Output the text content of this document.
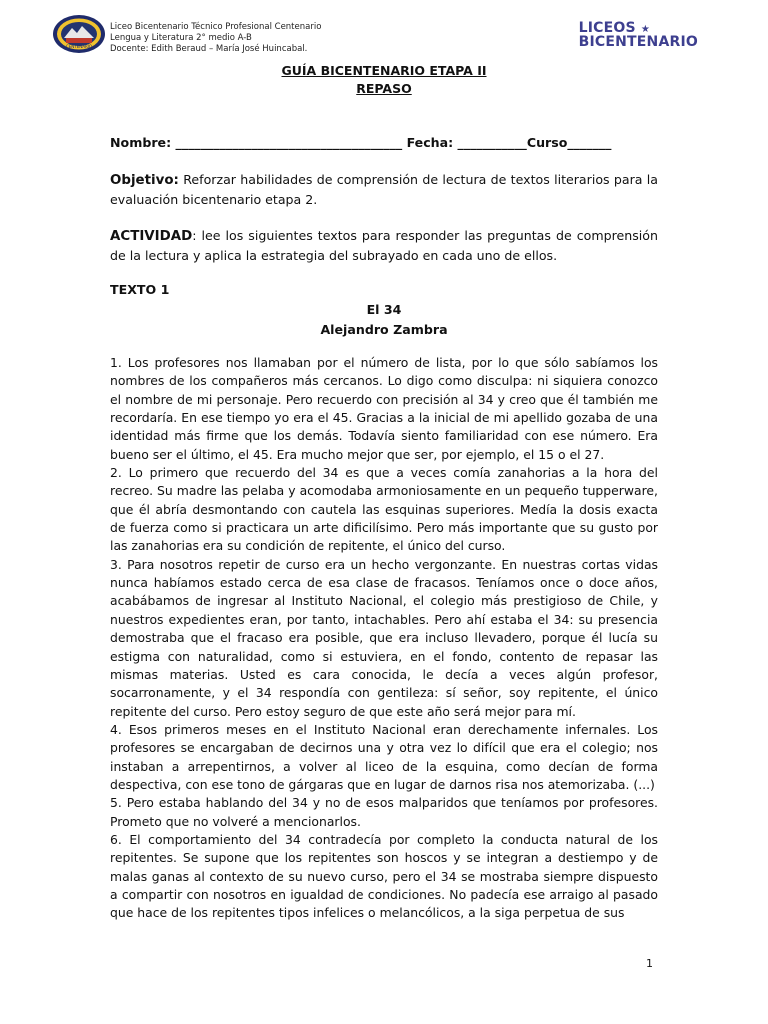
CENTENARIO
Liceo Bicentenario Técnico Profesional Centenario
Lengua y Literatura 2° medio A-B
Docente: Edith Beraud – María José Huincabal.
LICEOS ★
BICENTENARIO
GUÍA BICENTENARIO ETAPA II
REPASO
Nombre: ____________________________________ Fecha: ___________Curso_______

Objetivo: Reforzar habilidades de comprensión de lectura de textos literarios para la evaluación bicentenario etapa 2.

ACTIVIDAD: lee los siguientes textos para responder las preguntas de comprensión de la lectura y aplica la estrategia del subrayado en cada uno de ellos.

TEXTO 1
El 34
Alejandro Zambra

1. Los profesores nos llamaban por el número de lista, por lo que sólo sabíamos los nombres de los compañeros más cercanos. Lo digo como disculpa: ni siquiera conozco el nombre de mi personaje. Pero recuerdo con precisión al 34 y creo que él también me recordaría. En ese tiempo yo era el 45. Gracias a la inicial de mi apellido gozaba de una identidad más firme que los demás. Todavía siento familiaridad con ese número. Era bueno ser el último, el 45. Era mucho mejor que ser, por ejemplo, el 15 o el 27.

2. Lo primero que recuerdo del 34 es que a veces comía zanahorias a la hora del recreo. Su madre las pelaba y acomodaba armoniosamente en un pequeño tupperware, que él abría desmontando con cautela las esquinas superiores. Medía la dosis exacta de fuerza como si practicara un arte dificilísimo. Pero más importante que su gusto por las zanahorias era su condición de repitente, el único del curso.

3. Para nosotros repetir de curso era un hecho vergonzante. En nuestras cortas vidas nunca habíamos estado cerca de esa clase de fracasos. Teníamos once o doce años, acabábamos de ingresar al Instituto Nacional, el colegio más prestigioso de Chile, y nuestros expedientes eran, por tanto, intachables. Pero ahí estaba el 34: su presencia demostraba que el fracaso era posible, que era incluso llevadero, porque él lucía su estigma con naturalidad, como si estuviera, en el fondo, contento de repasar las mismas materias. Usted es cara conocida, le decía a veces algún profesor, socarronamente, y el 34 respondía con gentileza: sí señor, soy repitente, el único repitente del curso. Pero estoy seguro de que este año será mejor para mí.

4. Esos primeros meses en el Instituto Nacional eran derechamente infernales. Los profesores se encargaban de decirnos una y otra vez lo difícil que era el colegio; nos instaban a arrepentirnos, a volver al liceo de la esquina, como decían de forma despectiva, con ese tono de gárgaras que en lugar de darnos risa nos atemorizaba. (...)

5. Pero estaba hablando del 34 y no de esos malparidos que teníamos por profesores. Prometo que no volveré a mencionarlos.

6. El comportamiento del 34 contradecía por completo la conducta natural de los repitentes. Se supone que los repitentes son hoscos y se integran a destiempo y de malas ganas al contexto de su nuevo curso, pero el 34 se mostraba siempre dispuesto a compartir con nosotros en igualdad de condiciones. No padecía ese arraigo al pasado que hace de los repitentes tipos infelices o melancólicos, a la siga perpetua de sus

1
